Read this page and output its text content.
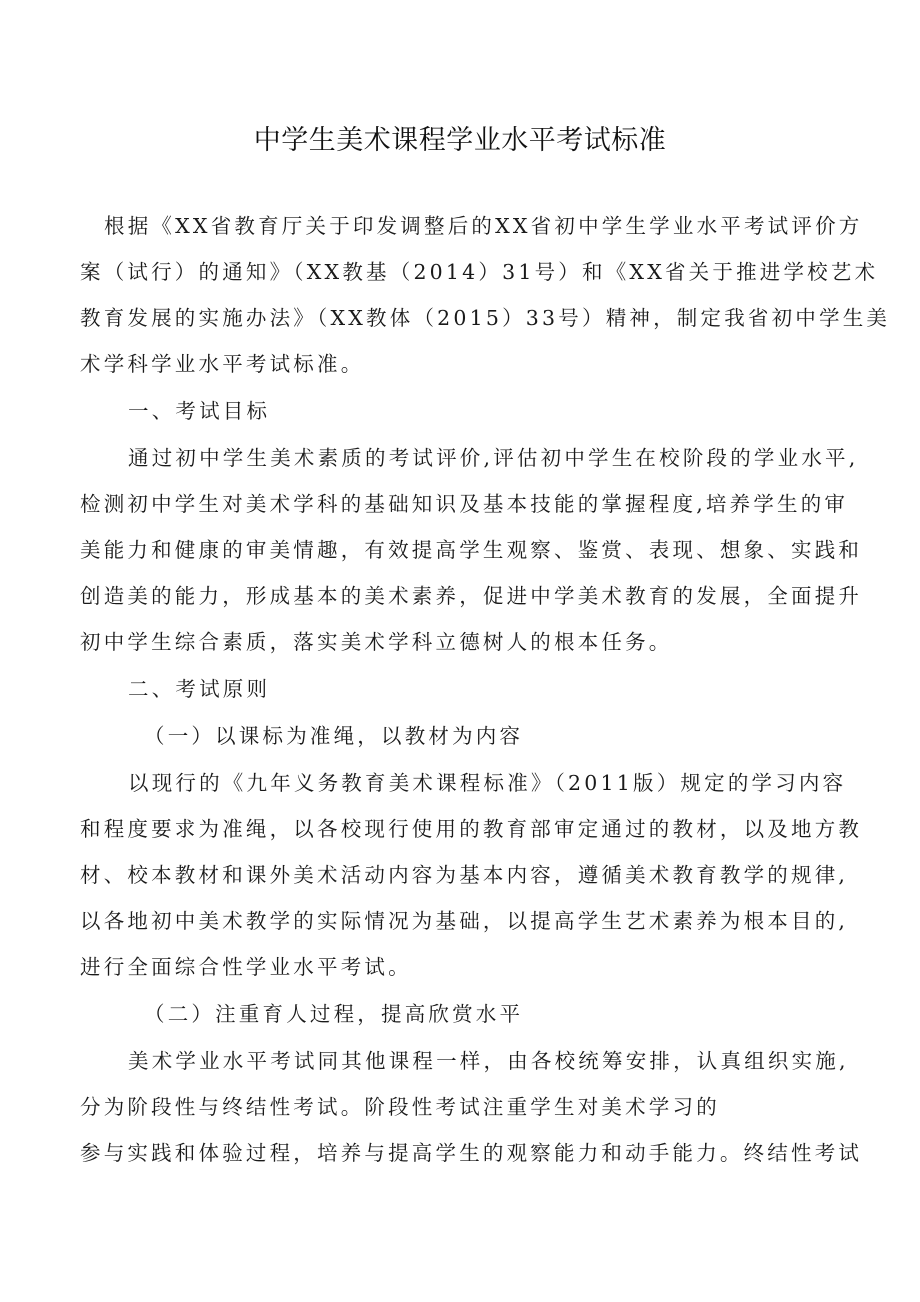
中学生美术课程学业水平考试标准
根据《XX省教育厅关于印发调整后的XX省初中学生学业水平考试评价方
案（试行）的通知》（XX教基（2014）31号）和《XX省关于推进学校艺术
教育发展的实施办法》（XX教体（2015）33号）精神，制定我省初中学生美
术学科学业水平考试标准。
一、考试目标
通过初中学生美术素质的考试评价,评估初中学生在校阶段的学业水平,
检测初中学生对美术学科的基础知识及基本技能的掌握程度,培养学生的审
美能力和健康的审美情趣，有效提高学生观察、鉴赏、表现、想象、实践和
创造美的能力，形成基本的美术素养，促进中学美术教育的发展，全面提升
初中学生综合素质，落实美术学科立德树人的根本任务。
二、考试原则
（一）以课标为准绳，以教材为内容
以现行的《九年义务教育美术课程标准》（2011版）规定的学习内容
和程度要求为准绳，以各校现行使用的教育部审定通过的教材，以及地方教
材、校本教材和课外美术活动内容为基本内容，遵循美术教育教学的规律,
以各地初中美术教学的实际情况为基础，以提高学生艺术素养为根本目的,
进行全面综合性学业水平考试。
（二）注重育人过程，提高欣赏水平
美术学业水平考试同其他课程一样，由各校统筹安排，认真组织实施,
分为阶段性与终结性考试。阶段性考试注重学生对美术学习的
参与实践和体验过程，培养与提高学生的观察能力和动手能力。终结性考试
